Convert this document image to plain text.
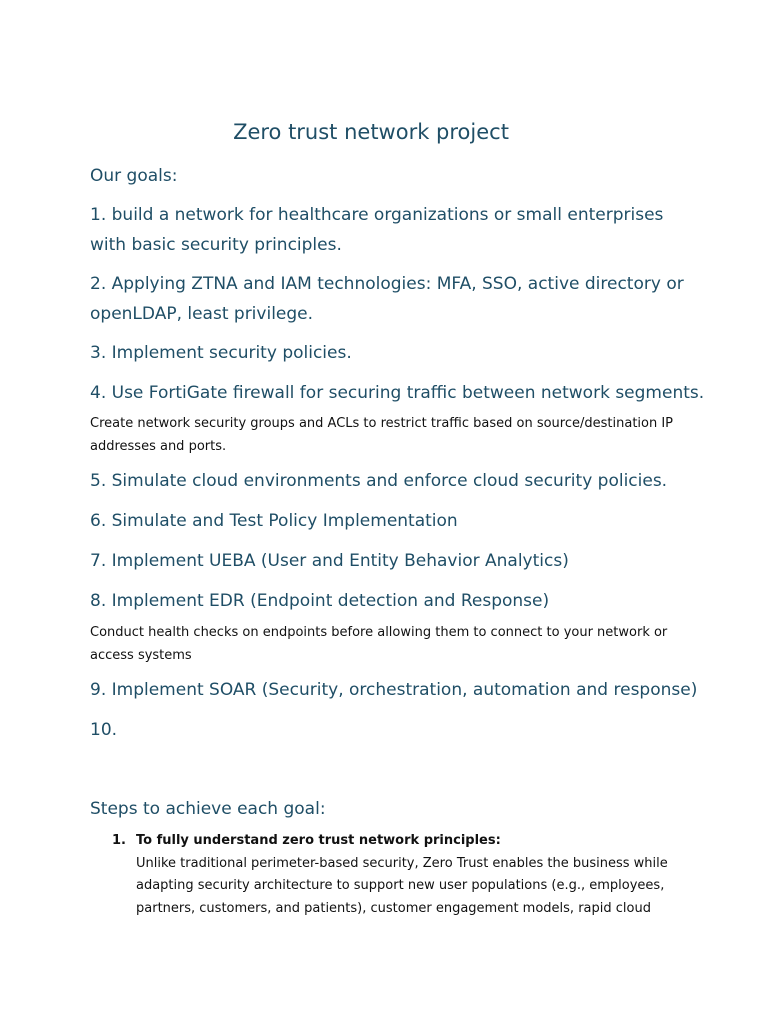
Zero trust network project

Our goals:

1. build a network for healthcare organizations or small enterprises with basic security principles.

2. Applying ZTNA and IAM technologies: MFA, SSO, active directory or openLDAP, least privilege.

3. Implement security policies.

4. Use FortiGate firewall for securing traffic between network segments.

Create network security groups and ACLs to restrict traffic based on source/destination IP addresses and ports.

5. Simulate cloud environments and enforce cloud security policies.

6. Simulate and Test Policy Implementation

7. Implement UEBA (User and Entity Behavior Analytics)

8. Implement EDR (Endpoint detection and Response)

Conduct health checks on endpoints before allowing them to connect to your network or access systems

9. Implement SOAR (Security, orchestration, automation and response)

10.

Steps to achieve each goal:

1. To fully understand zero trust network principles:
Unlike traditional perimeter-based security, Zero Trust enables the business while adapting security architecture to support new user populations (e.g., employees, partners, customers, and patients), customer engagement models, rapid cloud
